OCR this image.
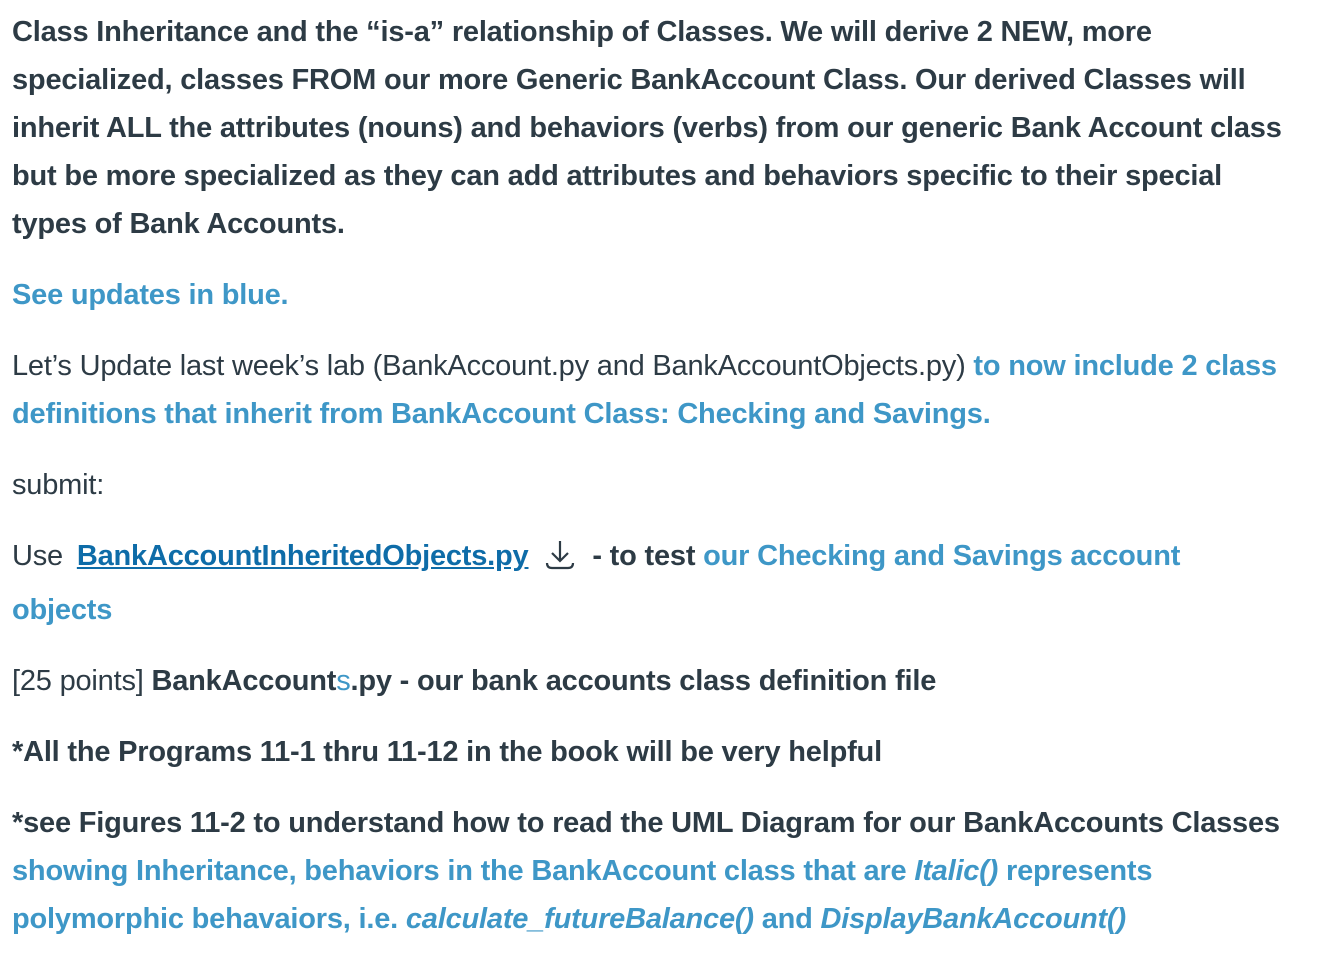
Class Inheritance and the “is-a” relationship of Classes. We will derive 2 NEW, more specialized, classes FROM our more Generic BankAccount Class. Our derived Classes will inherit ALL the attributes (nouns) and behaviors (verbs) from our generic Bank Account class but be more specialized as they can add attributes and behaviors specific to their special types of Bank Accounts.

See updates in blue.

Let’s Update last week’s lab (BankAccount.py and BankAccountObjects.py) to now include 2 class definitions that inherit from BankAccount Class: Checking and Savings.

submit:

Use BankAccountInheritedObjects.py - to test our Checking and Savings account objects

[25 points] BankAccounts.py - our bank accounts class definition file

*All the Programs 11-1 thru 11-12 in the book will be very helpful

*see Figures 11-2 to understand how to read the UML Diagram for our BankAccounts Classes showing Inheritance, behaviors in the BankAccount class that are Italic() represents polymorphic behavaiors, i.e. calculate_futureBalance() and DisplayBankAccount()
